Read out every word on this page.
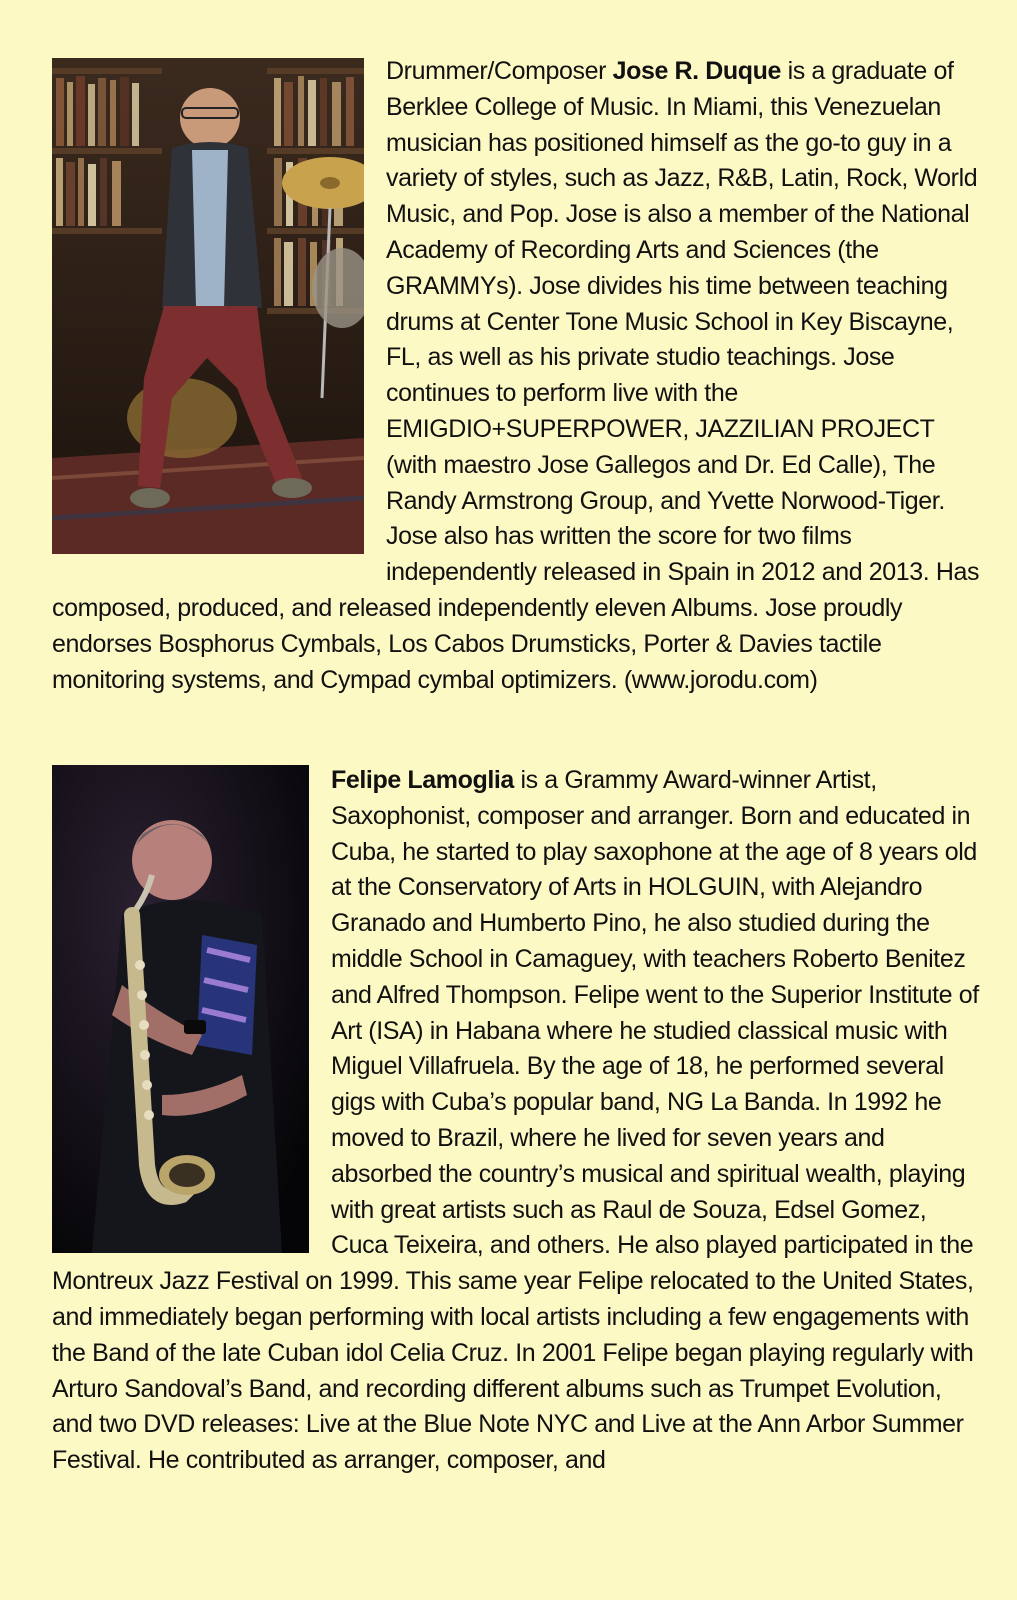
Drummer/Composer Jose R. Duque is a graduate of Berklee College of Music. In Miami, this Venezuelan musician has positioned himself as the go-to guy in a variety of styles, such as Jazz, R&B, Latin, Rock, World Music, and Pop. Jose is also a member of the National Academy of Recording Arts and Sciences (the GRAMMYs). Jose divides his time between teaching drums at Center Tone Music School in Key Biscayne, FL, as well as his private studio teachings. Jose continues to perform live with the EMIGDIO+SUPERPOWER, JAZZILIAN PROJECT (with maestro Jose Gallegos and Dr. Ed Calle), The Randy Armstrong Group, and Yvette Norwood-Tiger. Jose also has written the score for two films independently released in Spain in 2012 and 2013. Has composed, produced, and released independently eleven Albums. Jose proudly endorses Bosphorus Cymbals, Los Cabos Drumsticks, Porter & Davies tactile monitoring systems, and Cympad cymbal optimizers. (www.jorodu.com)

Felipe Lamoglia is a Grammy Award-winner Artist, Saxophonist, composer and arranger. Born and educated in Cuba, he started to play saxophone at the age of 8 years old at the Conservatory of Arts in HOLGUIN, with Alejandro Granado and Humberto Pino, he also studied during the middle School in Camaguey, with teachers Roberto Benitez and Alfred Thompson. Felipe went to the Superior Institute of Art (ISA) in Habana where he studied classical music with Miguel Villafruela. By the age of 18, he performed several gigs with Cuba’s popular band, NG La Banda. In 1992 he moved to Brazil, where he lived for seven years and absorbed the country’s musical and spiritual wealth, playing with great artists such as Raul de Souza, Edsel Gomez, Cuca Teixeira, and others. He also played participated in the Montreux Jazz Festival on 1999. This same year Felipe relocated to the United States, and immediately began performing with local artists including a few engagements with the Band of the late Cuban idol Celia Cruz. In 2001 Felipe began playing regularly with Arturo Sandoval’s Band, and recording different albums such as Trumpet Evolution, and two DVD releases: Live at the Blue Note NYC and Live at the Ann Arbor Summer Festival. He contributed as arranger, composer, and
